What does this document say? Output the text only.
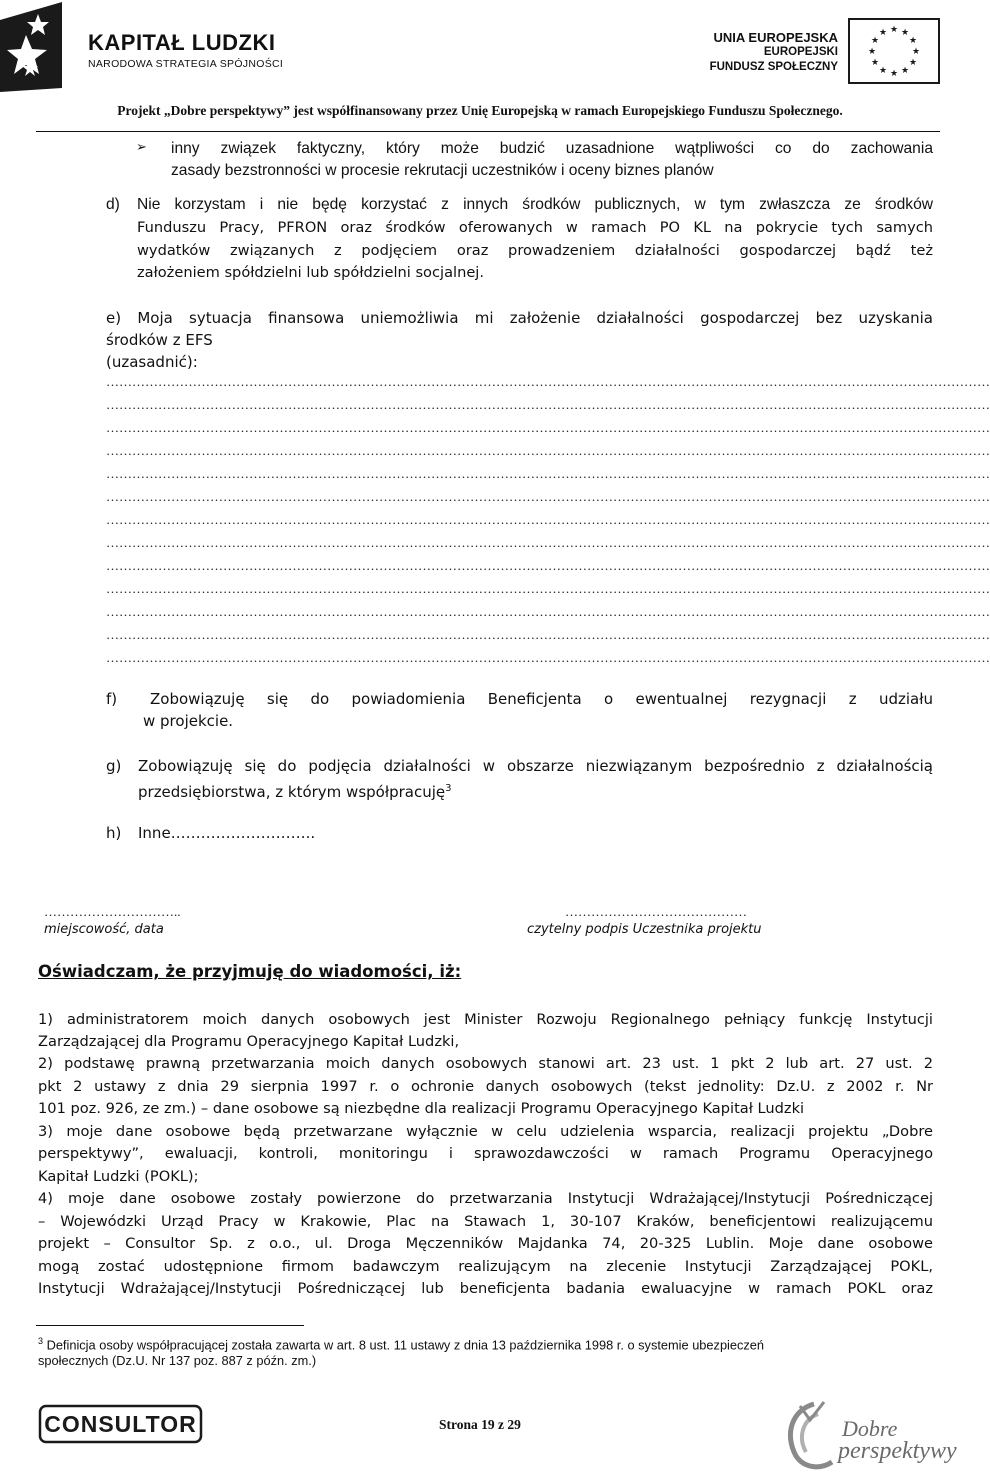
KAPITAŁ LUDZKI
NARODOWA STRATEGIA SPÓJNOŚCI
UNIA EUROPEJSKA
EUROPEJSKI
FUNDUSZ SPOŁECZNY
★ ★
★
★
★
★
★
★
★
★
★
★
Projekt „Dobre perspektywy” jest współfinansowany przez Unię Europejską w ramach Europejskiego Funduszu Społecznego.
➢ inny związek faktyczny, który może budzić uzasadnione wątpliwości co do zachowania
zasady bezstronności w procesie rekrutacji uczestników i oceny biznes planów
d) Nie korzystam i nie będę korzystać z innych środków publicznych, w tym zwłaszcza ze środków
Funduszu Pracy, PFRON oraz środków oferowanych w ramach PO KL na pokrycie tych samych
wydatków związanych z podjęciem oraz prowadzeniem działalności gospodarczej bądź też
założeniem spółdzielni lub spółdzielni socjalnej.
e) Moja sytuacja finansowa uniemożliwia mi założenie działalności gospodarczej bez uzyskania
środków z EFS
(uzasadnić):
……………………………………………………………………………………………………………………………………………………………………………………
……………………………………………………………………………………………………………………………………………………………………………………
……………………………………………………………………………………………………………………………………………………………………………………
……………………………………………………………………………………………………………………………………………………………………………………
……………………………………………………………………………………………………………………………………………………………………………………
……………………………………………………………………………………………………………………………………………………………………………………
……………………………………………………………………………………………………………………………………………………………………………………
……………………………………………………………………………………………………………………………………………………………………………………
……………………………………………………………………………………………………………………………………………………………………………………
……………………………………………………………………………………………………………………………………………………………………………………
……………………………………………………………………………………………………………………………………………………………………………………
……………………………………………………………………………………………………………………………………………………………………………………
……………………………………………………………………………………………………………………………………………………………………………………
f) Zobowiązuję się do powiadomienia Beneficjenta o ewentualnej rezygnacji z udziału
w projekcie.
g) Zobowiązuję się do podjęcia działalności w obszarze niezwiązanym bezpośrednio z działalnością
przedsiębiorstwa, z którym współpracuję$^3$
h) Inne………………………..
…………………………..
miejscowość, data
……………………………………
czytelny podpis Uczestnika projektu
Oświadczam, że przyjmuję do wiadomości, iż:
1) administratorem moich danych osobowych jest Minister Rozwoju Regionalnego pełniący funkcję Instytucji
Zarządzającej dla Programu Operacyjnego Kapitał Ludzki,
2) podstawę prawną przetwarzania moich danych osobowych stanowi art. 23 ust. 1 pkt 2 lub art. 27 ust. 2
pkt 2 ustawy z dnia 29 sierpnia 1997 r. o ochronie danych osobowych (tekst jednolity: Dz.U. z 2002 r. Nr
101 poz. 926, ze zm.) – dane osobowe są niezbędne dla realizacji Programu Operacyjnego Kapitał Ludzki
3) moje dane osobowe będą przetwarzane wyłącznie w celu udzielenia wsparcia, realizacji projektu „Dobre
perspektywy”, ewaluacji, kontroli, monitoringu i sprawozdawczości w ramach Programu Operacyjnego
Kapitał Ludzki (POKL);
4) moje dane osobowe zostały powierzone do przetwarzania Instytucji Wdrażającej/Instytucji Pośredniczącej
– Wojewódzki Urząd Pracy w Krakowie, Plac na Stawach 1, 30-107 Kraków, beneficjentowi realizującemu
projekt – Consultor Sp. z o.o., ul. Droga Męczenników Majdanka 74, 20-325 Lublin. Moje dane osobowe
mogą zostać udostępnione firmom badawczym realizującym na zlecenie Instytucji Zarządzającej POKL,
Instytucji Wdrażającej/Instytucji Pośredniczącej lub beneficjenta badania ewaluacyjne w ramach POKL oraz
$^3$ Definicja osoby współpracującej została zawarta w art. 8 ust. 11 ustawy z dnia 13 października 1998 r. o systemie ubezpieczeń
społecznych (Dz.U. Nr 137 poz. 887 z późn. zm.)
CONSULTOR	Strona 19 z 29	Dobre
perspektywy
